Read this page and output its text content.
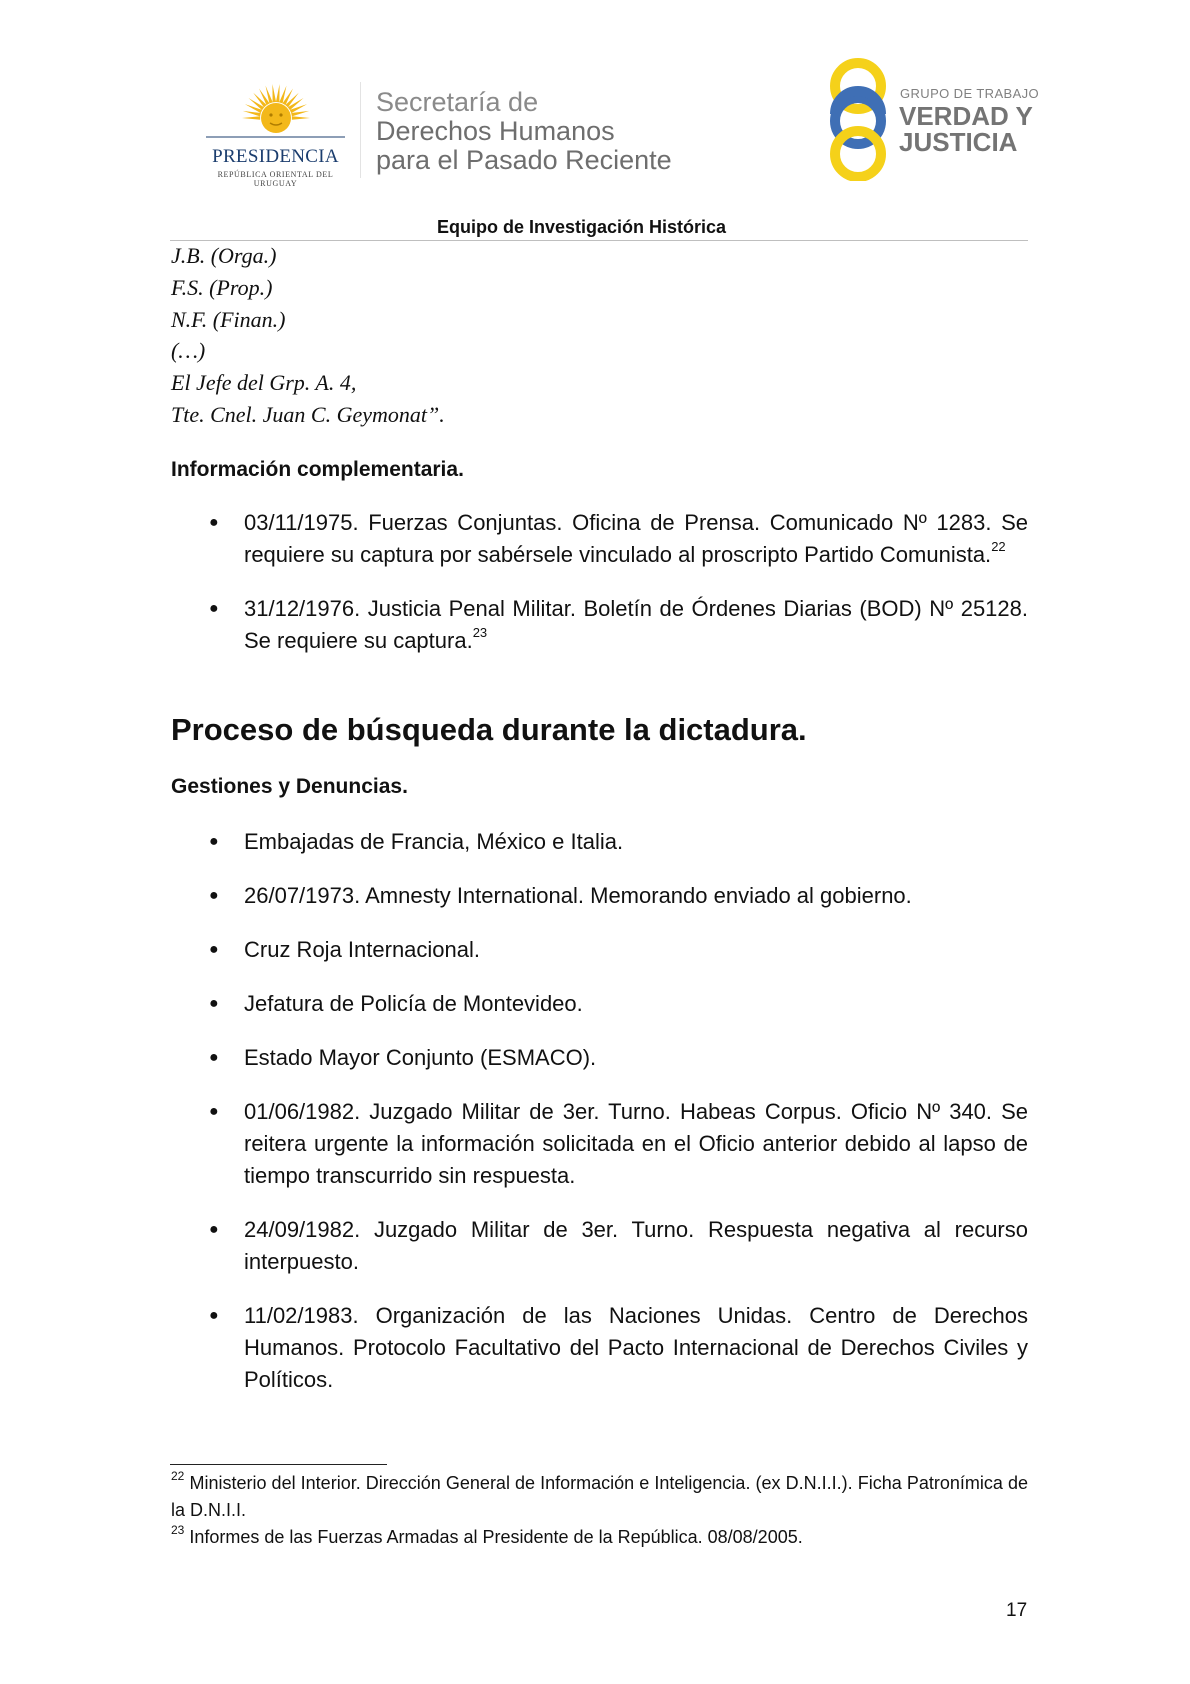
PRESIDENCIA
REPÚBLICA ORIENTAL DEL URUGUAY
Secretaría de
Derechos Humanos
para el Pasado Reciente
GRUPO DE TRABAJO
VERDAD Y
JUSTICIA
Equipo de Investigación Histórica
J.B. (Orga.)
F.S. (Prop.)
N.F. (Finan.)
(…)
El Jefe del Grp. A. 4,
Tte. Cnel. Juan C. Geymonat”.
Información complementaria.
● 03/11/1975. Fuerzas Conjuntas. Oficina de Prensa. Comunicado Nº 1283. Se requiere su captura por sabérsele vinculado al proscripto Partido Comunista.$^{22}$
● 31/12/1976. Justicia Penal Militar. Boletín de Órdenes Diarias (BOD) Nº 25128. Se requiere su captura.$^{23}$
Proceso de búsqueda durante la dictadura.
Gestiones y Denuncias.
● Embajadas de Francia, México e Italia.
● 26/07/1973. Amnesty International. Memorando enviado al gobierno.
● Cruz Roja Internacional.
● Jefatura de Policía de Montevideo.
● Estado Mayor Conjunto (ESMACO).
● 01/06/1982. Juzgado Militar de 3er. Turno. Habeas Corpus. Oficio Nº 340. Se reitera urgente la información solicitada en el Oficio anterior debido al lapso de tiempo transcurrido sin respuesta.
● 24/09/1982. Juzgado Militar de 3er. Turno. Respuesta negativa al recurso interpuesto.
● 11/02/1983. Organización de las Naciones Unidas. Centro de Derechos Humanos. Protocolo Facultativo del Pacto Internacional de Derechos Civiles y Políticos.

$^{22}$ Ministerio del Interior. Dirección General de Información e Inteligencia. (ex D.N.I.I.). Ficha Patronímica de la D.N.I.I.

$^{23}$ Informes de las Fuerzas Armadas al Presidente de la República. 08/08/2005.

17
